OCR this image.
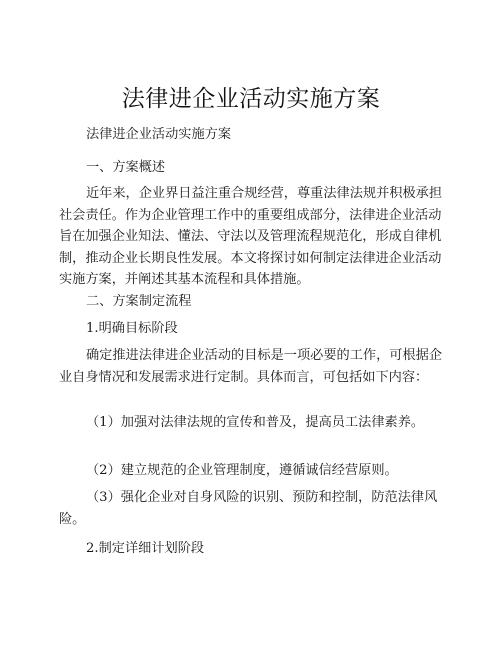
法律进企业活动实施方案
法律进企业活动实施方案
一、方案概述
近年来，企业界日益注重合规经营，尊重法律法规并积极承担社会责任。作为企业管理工作中的重要组成部分，法律进企业活动旨在加强企业知法、懂法、守法以及管理流程规范化，形成自律机制，推动企业长期良性发展。本文将探讨如何制定法律进企业活动实施方案，并阐述其基本流程和具体措施。
二、方案制定流程
1.明确目标阶段
确定推进法律进企业活动的目标是一项必要的工作，可根据企业自身情况和发展需求进行定制。具体而言，可包括如下内容：
（1）加强对法律法规的宣传和普及，提高员工法律素养。
（2）建立规范的企业管理制度，遵循诚信经营原则。
（3）强化企业对自身风险的识别、预防和控制，防范法律风险。
2.制定详细计划阶段
